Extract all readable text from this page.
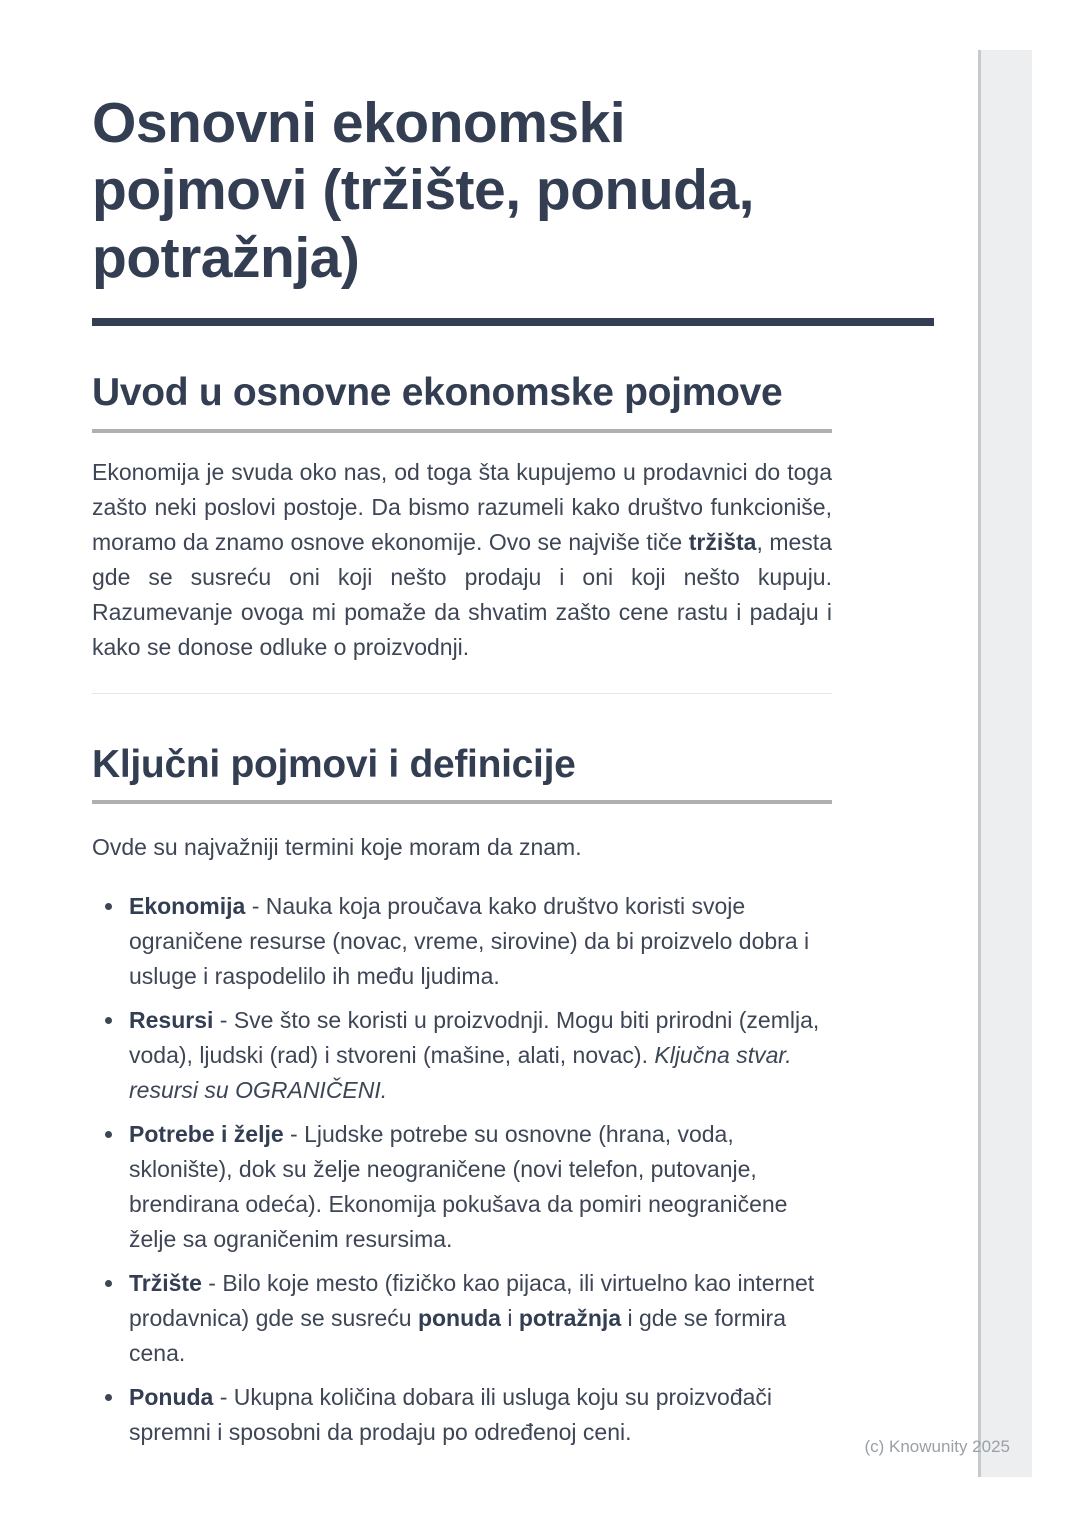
Osnovni ekonomski pojmovi (tržište, ponuda, potražnja)
Uvod u osnovne ekonomske pojmove

Ekonomija je svuda oko nas, od toga šta kupujemo u prodavnici do toga zašto neki poslovi postoje. Da bismo razumeli kako društvo funkcioniše, moramo da znamo osnove ekonomije. Ovo se najviše tiče tržišta, mesta gde se susreću oni koji nešto prodaju i oni koji nešto kupuju. Razumevanje ovoga mi pomaže da shvatim zašto cene rastu i padaju i kako se donose odluke o proizvodnji.

Ključni pojmovi i definicije

Ovde su najvažniji termini koje moram da znam.

Ekonomija - Nauka koja proučava kako društvo koristi svoje ograničene resurse (novac, vreme, sirovine) da bi proizvelo dobra i usluge i raspodelilo ih među ljudima.
Resursi - Sve što se koristi u proizvodnji. Mogu biti prirodni (zemlja, voda), ljudski (rad) i stvoreni (mašine, alati, novac). Ključna stvar. resursi su OGRANIČENI.
Potrebe i želje - Ljudske potrebe su osnovne (hrana, voda, sklonište), dok su želje neograničene (novi telefon, putovanje, brendirana odeća). Ekonomija pokušava da pomiri neograničene želje sa ograničenim resursima.
Tržište - Bilo koje mesto (fizičko kao pijaca, ili virtuelno kao internet prodavnica) gde se susreću ponuda i potražnja i gde se formira cena.
Ponuda - Ukupna količina dobara ili usluga koju su proizvođači spremni i sposobni da prodaju po određenoj ceni.
(c) Knowunity 2025
